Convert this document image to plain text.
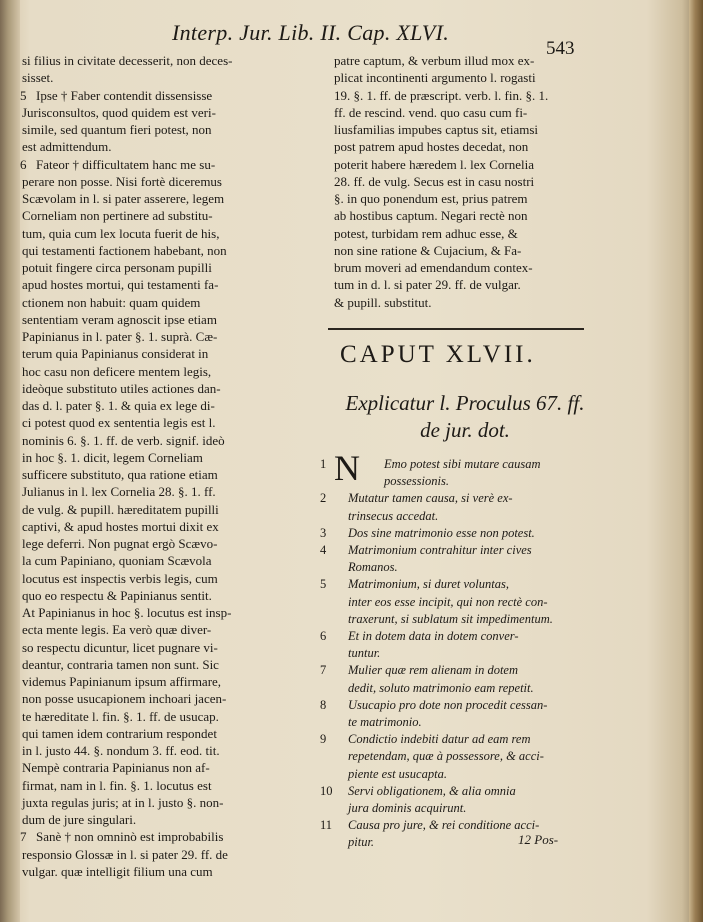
Interp. Jur. Lib. II. Cap. XLVI.
543
si filius in civitate decesserit, non deces-
sisset.
Ipse † Faber contendit dissensisse
5
Jurisconsultos, quod quidem est veri-
simile, sed quantum fieri potest, non
est admittendum.
Fateor † difficultatem hanc me su-
6
perare non posse. Nisi fortè diceremus
Scævolam in l. si pater asserere, legem
Corneliam non pertinere ad substitu-
tum, quia cum lex locuta fuerit de his,
qui testamenti factionem habebant, non
potuit fingere circa personam pupilli
apud hostes mortui, qui testamenti fa-
ctionem non habuit: quam quidem
sententiam veram agnoscit ipse etiam
Papinianus in l. pater §. 1. suprà. Cæ-
terum quia Papinianus considerat in
hoc casu non deficere mentem legis,
ideòque substituto utiles actiones dan-
das d. l. pater §. 1. & quia ex lege di-
ci potest quod ex sententia legis est l.
nominis 6. §. 1. ff. de verb. signif. ideò
in hoc §. 1. dicit, legem Corneliam
sufficere substituto, qua ratione etiam
Julianus in l. lex Cornelia 28. §. 1. ff.
de vulg. & pupill. hæreditatem pupilli
captivi, & apud hostes mortui dixit ex
lege deferri. Non pugnat ergò Scævo-
la cum Papiniano, quoniam Scævola
locutus est inspectis verbis legis, cum
quo eo respectu & Papinianus sentit.
At Papinianus in hoc §. locutus est insp-
ecta mente legis. Ea verò quæ diver-
so respectu dicuntur, licet pugnare vi-
deantur, contraria tamen non sunt. Sic
videmus Papinianum ipsum affirmare,
non posse usucapionem inchoari jacen-
te hæreditate l. fin. §. 1. ff. de usucap.
qui tamen idem contrarium respondet
in l. justo 44. §. nondum 3. ff. eod. tit.
Nempè contraria Papinianus non af-
firmat, nam in l. fin. §. 1. locutus est
juxta regulas juris; at in l. justo §. non-
dum de jure singulari.
Sanè † non omninò est improbabilis
7
responsio Glossæ in l. si pater 29. ff. de
vulgar. quæ intelligit filium una cum
patre captum, & verbum illud mox ex-
plicat incontinenti argumento l. rogasti
19. §. 1. ff. de præscript. verb. l. fin. §. 1.
ff. de rescind. vend. quo casu cum fi-
liusfamilias impubes captus sit, etiamsi
post patrem apud hostes decedat, non
poterit habere hæredem l. lex Cornelia
28. ff. de vulg. Secus est in casu nostri
§. in quo ponendum est, prius patrem
ab hostibus captum. Negari rectè non
potest, turbidam rem adhuc esse, &
non sine ratione & Cujacium, & Fa-
brum moveri ad emendandum contex-
tum in d. l. si pater 29. ff. de vulgar.
& pupill. substitut.
CAPUT XLVII.
Explicatur l. Proculus 67. ff.
de jur. dot.
1 N	Emo potest sibi mutare causam
possessionis.
2 Mutatur tamen causa, si verè ex-
trinsecus accedat.
3 Dos sine matrimonio esse non potest.
4 Matrimonium contrahitur inter cives
Romanos.
5 Matrimonium, si duret voluntas,
inter eos esse incipit, qui non rectè con-
traxerunt, si sublatum sit impedimentum.
6 Et in dotem data in dotem conver-
tuntur.
7 Mulier quæ rem alienam in dotem
dedit, soluto matrimonio eam repetit.
8 Usucapio pro dote non procedit cessan-
te matrimonio.
9 Condictio indebiti datur ad eam rem
repetendam, quæ à possessore, & acci-
piente est usucapta.
10 Servi obligationem, & alia omnia
jura dominis acquirunt.
11 Causa pro jure, & rei conditione acci-
pitur.	12 Pos-
